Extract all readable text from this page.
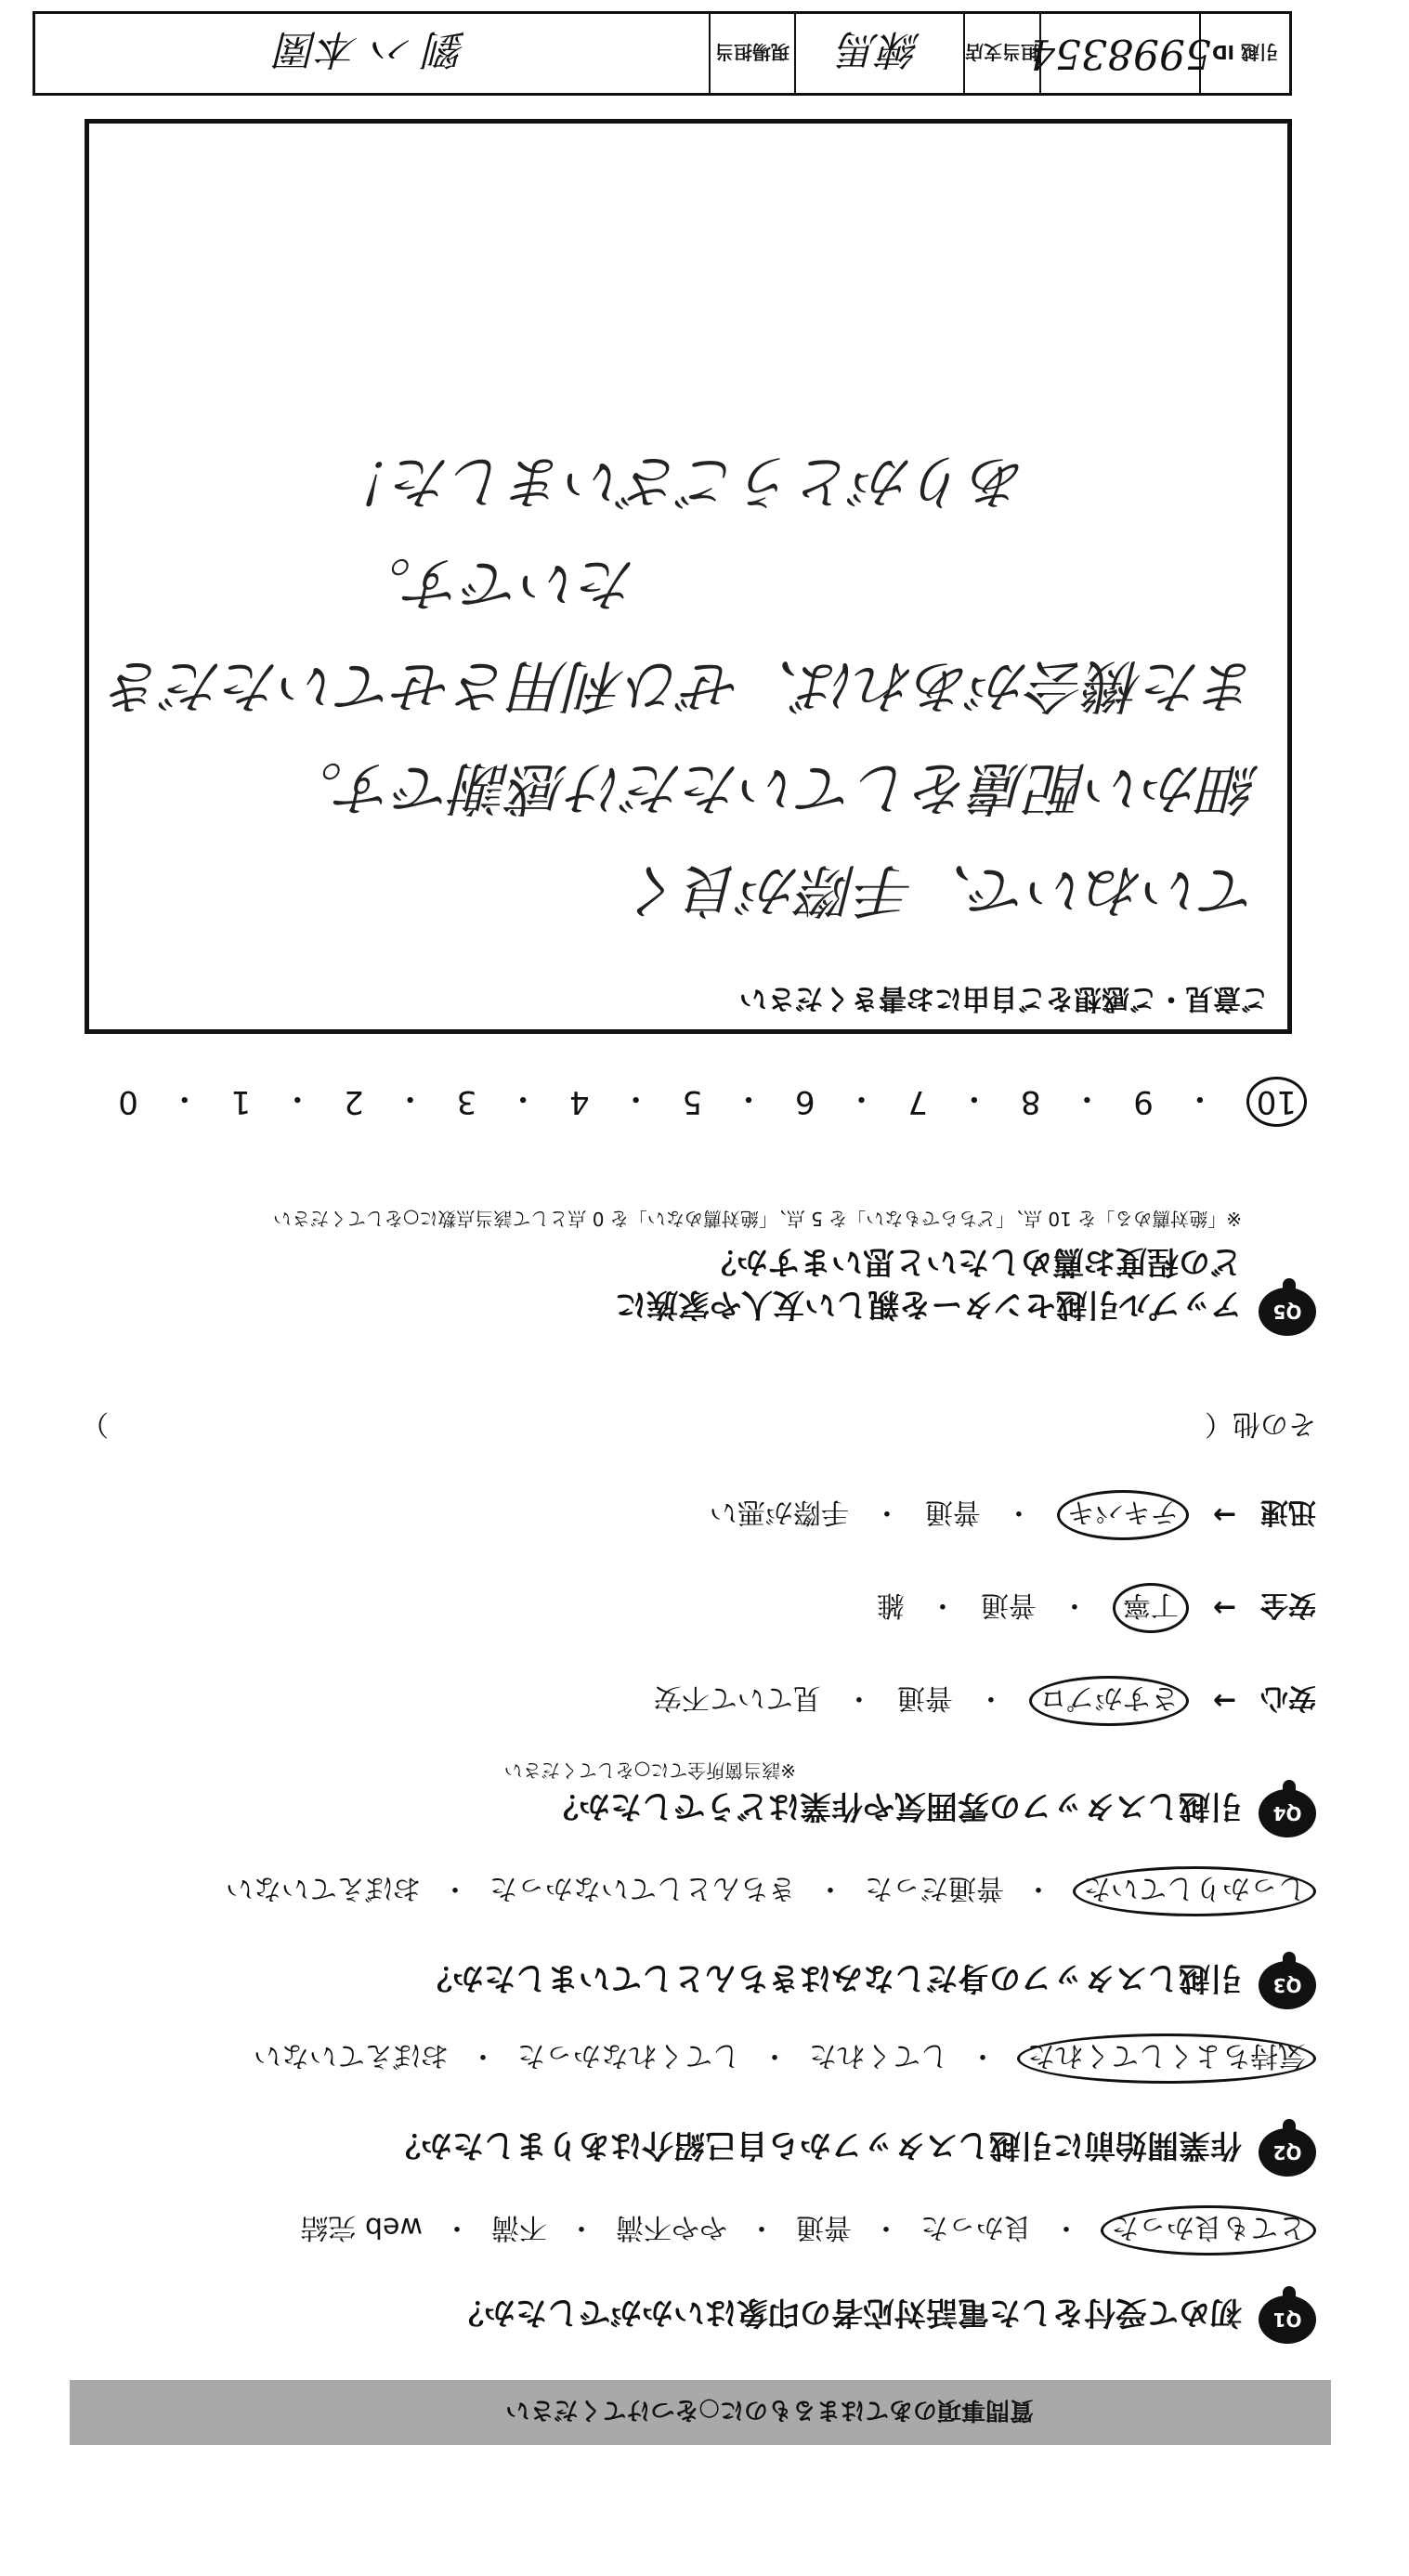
質問事項のあてはまるものに○をつけてください
Q1
初めて受付をした電話対応者の印象はいかがでしたか？
とても良かった
・
良かった
・
普通
・
やや不満
・
不満
・
web 完結
Q2
作業開始前に引越しスタッフから自己紹介はありましたか？
気持ちよくしてくれた
・
してくれた
・
してくれなかった
・
おぼえていない
Q3
引越しスタッフの身だしなみはきちんとしていましたか？
しっかりしていた
・
普通だった
・
きちんとしていなかった
・
おぼえていない
Q4
引越しスタッフの雰囲気や作業はどうでしたか？
※該当箇所全てに○をしてください
安心
→
さすがプロ
・
普通
・
見ていて不安
安全
→
丁寧
・
普通
・
雑
迅速
→
テキパキ
・
普通
・
手際が悪い
その他（
）
Q5
アップル引越センターを親しい友人や家族に
どの程度お薦めしたいと思いますか？
※「絶対薦める」を 10 点、「どちらでもない」を 5 点、「絶対薦めない」を 0 点として該当点数に○をしてください
10
・
9
・
8
・
7
・
6
・
5
・
4
・
3
・
2
・
1
・
0
ご意見・ご感想をご自由にお書きください
ていねいで、手際が良く
細かい配慮をしていただけ感謝です。
また機会があれば、ぜひ利用させていただき
たいです。
ありがとうございました！
引越 ID
5998354
担当支店
練馬
現場担当
劉 ハ 本園
